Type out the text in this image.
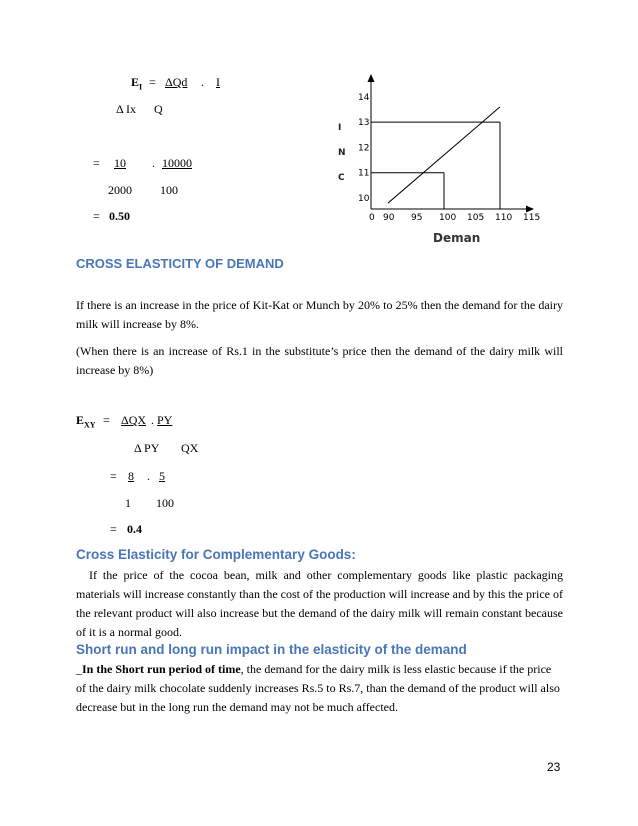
$E_I = \Delta Qd$	. I
Δ Ix Q
= 10	. 10000
2000 100
= 0.50
14
13
12
11
10
0 90 95 100 105 110 115
I
N
C
Deman
CROSS ELASTICITY OF DEMAND
If there is an increase in the price of Kit-Kat or Munch by 20% to 25% then the demand for the dairy milk will increase by 8%.
(When there is an increase of Rs.1 in the substitute’s price then the demand of the dairy milk will increase by 8%)
$E_{XY} = \Delta QX$ . PY
Δ PY QX
= 8 . 5
1 100
= 0.4
Cross Elasticity for Complementary Goods:
If the price of the cocoa bean, milk and other complementary goods like plastic packaging materials will increase constantly than the cost of the production will increase and by this the price of the relevant product will also increase but the demand of the dairy milk will remain constant because of it is a normal good.
Short run and long run impact in the elasticity of the demand
_In the Short run period of time, the demand for the dairy milk is less elastic because if the price of the dairy milk chocolate suddenly increases Rs.5 to Rs.7, than the demand of the product will also decrease but in the long run the demand may not be much affected.
23
